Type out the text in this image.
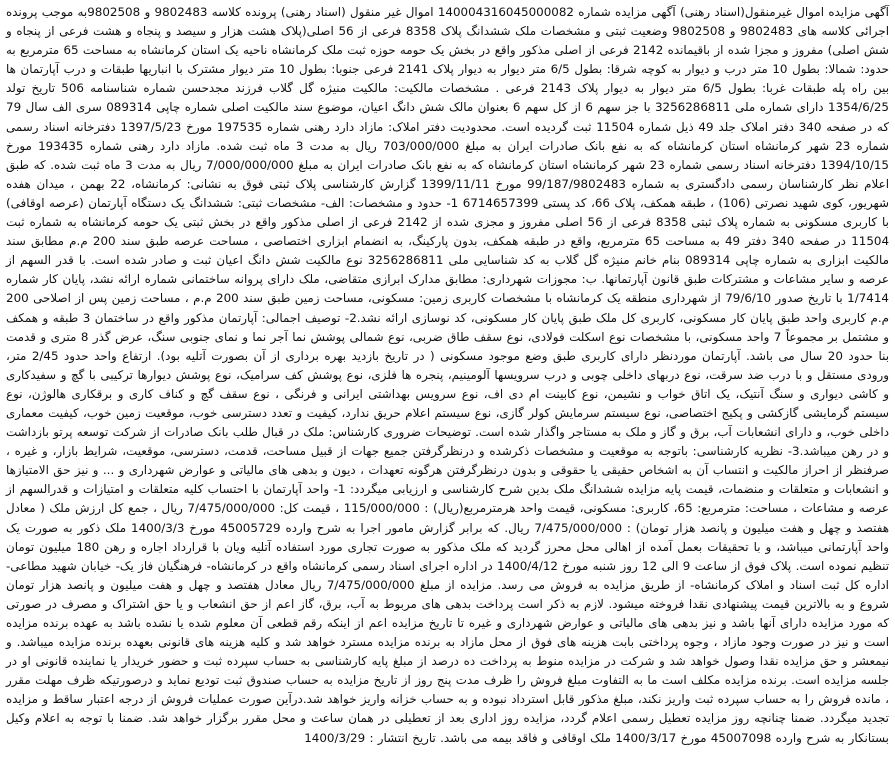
آگهی مزایده اموال غیرمنقول(اسناد رهنی) آگهی مزایده شماره 140004316045000082 اموال غیر منقول (اسناد رهنی) پرونده کلاسه 9802483 و 9802508به موجب پرونده اجرائی کلاسه های 9802483 و 9802508 وضعیت ثبتی و مشخصات ملک ششدانگ پلاک 8358 فرعی از 56 اصلی(پلاک هشت هزار و سیصد و پنجاه و هشت فرعی از پنجاه و شش اصلی) مفروز و مجزا شده از باقیمانده 2142 فرعی از اصلی مذکور واقع در بخش یک حومه حوزه ثبت ملک کرمانشاه ناحیه یک استان کرمانشاه به مساحت 65 مترمربع به حدود: شمالا: بطول 10 متر درب و دیوار به کوچه شرقا: بطول 6/5 متر دیوار به دیوار پلاک 2141 فرعی جنوبا: بطول 10 متر دیوار مشترک با انباریها طبقات و درب آپارتمان ها بین راه پله طبقات غربا: بطول 6/5 متر دیوار به دیوار پلاک 2143 فرعی . مشخصات مالکیت: مالکیت منیژه گل گلاب فرزند مجدحسن شماره شناسنامه 506 تاریخ تولد 1354/6/25 دارای شماره ملی 3256286811 با جز سهم 6 از کل سهم 6 بعنوان مالک شش دانگ اعیان، موضوع سند مالکیت اصلی شماره چاپی 089314 سری الف سال 79 که در صفحه 340 دفتر املاک جلد 49 ذیل شماره 11504 ثبت گردیده است. محدودیت دفتر املاک: مازاد دارد رهنی شماره 197535 مورخ 1397/5/23 دفترخانه اسناد رسمی شماره 23 شهر کرمانشاه استان کرمانشاه که به نفع بانک صادرات ایران به مبلغ 703/000/000 ریال به مدت 3 ماه ثبت شده. مازاد دارد رهنی شماره 193435 مورخ 1394/10/15 دفترخانه اسناد رسمی شماره 23 شهر کرمانشاه استان کرمانشاه که به نفع بانک صادرات ایران به مبلغ 7/000/000/000 ریال به مدت 3 ماه ثبت شده. که طبق اعلام نظر کارشناسان رسمی دادگستری به شماره 99/187/9802483 مورخ 1399/11/11 گزارش کارشناسی پلاک ثبتی فوق به نشانی: کرمانشاه، 22 بهمن ، میدان هفده شهریور، کوی شهید نصرتی (106) ، طبقه همکف، پلاک 66، کد پستی 6714657399 1- حدود و مشخصات: الف- مشخصات ثبتی: ششدانگ یک دستگاه آپارتمان (عرصه اوقافی) با کاربری مسکونی به شماره پلاک ثبتی 8358 فرعی از 56 اصلی مفروز و مجزی شده از 2142 فرعی از اصلی مذکور واقع در بخش ثبتی یک حومه کرمانشاه به شماره ثبت 11504 در صفحه 340 دفتر 49 به مساحت 65 مترمربع، واقع در طبقه همکف، بدون پارکینگ، به انضمام ابزاری اختصاصی ، مساحت عرصه طبق سند 200 م.م مطابق سند مالکیت ابزاری به شماره چاپی 089314 بنام خانم منیژه گل گلاب به کد شناسایی ملی 3256286811 نوع مالکیت شش دانگ اعیان ثبت و صادر شده است. با قدر السهم از عرصه و سایر مشاعات و مشترکات طبق قانون آپارتمانها. ب: مجوزات شهرداری: مطابق مدارک ابرازی متقاضی، ملک دارای پروانه ساختمانی شماره ارائه نشد، پایان کار شماره 1/7414 با تاریخ صدور 79/6/10 از شهرداری منطقه یک کرمانشاه با مشخصات کاربری زمین: مسکونی، مساحت زمین طبق سند 200 م.م ، مساحت زمین پس از اصلاحی 200 م.م کاربری واحد طبق پایان کار مسکونی، کاربری کل ملک طبق پایان کار مسکونی، کد نوسازی ارائه نشد.2- توصیف اجمالی: آپارتمان مذکور واقع در ساختمان 3 طبقه و همکف و مشتمل بر مجموعاً 7 واحد مسکونی، با مشخصات نوع اسکلت فولادی، نوع سقف طاق ضربی، نوع شمالی پوشش نما آجر نما و نمای جنوبی سنگ، عرض گذر 8 متری و قدمت بنا حدود 20 سال می باشد. آپارتمان موردنظر دارای کاربری طبق وضع موجود مسکونی ( در تاریخ بازدید بهره برداری از آن بصورت آتلیه بود). ارتفاع واحد حدود 2/45 متر، ورودی مستقل و با درب ضد سرقت، نوع دربهای داخلی چوبی و درب سرویسها آلومینیم، پنجره ها فلزی، نوع پوشش کف سرامیک، نوع پوشش دیوارها ترکیبی با گچ و سفیدکاری و کاشی دیواری و سنگ آنتیک، یک اتاق خواب و نشیمن، نوع کابینت ام دی اف، نوع سرویس بهداشتی ایرانی و فرنگی ، نوع سقف گچ و کناف کاری و برقکاری هالوژن، نوع سیستم گرمایشی گازکشی و پکیج اختصاصی، نوع سیستم سرمایش کولر گازی، نوع سیستم اعلام حریق ندارد، کیفیت و تعدد دسترسی خوب، موقعیت زمین خوب، کیفیت معماری داخلی خوب، و دارای انشعابات آب، برق و گاز و ملک به مستاجر واگذار شده است. توضیحات ضروری کارشناس: ملک در قبال طلب بانک صادرات از شرکت توسعه پرتو بازداشت و در رهن میباشد.3- نظریه کارشناسی: باتوجه به موقعیت و مشخصات ذکرشده و درنظرگرفتن جمیع جهات از قبیل مساحت، قدمت، دسترسی، موقعیت، شرایط بازار، و غیره ، صرفنظر از احراز مالکیت و انتساب آن به اشخاص حقیقی یا حقوقی و بدون درنظرگرفتن هرگونه تعهدات ، دیون و بدهی های مالیاتی و عوارض شهرداری و ... و نیز حق الامتیازها و انشعابات و متعلقات و منضمات، قیمت پایه مزایده ششدانگ ملک بدین شرح کارشناسی و ارزیابی میگردد: 1- واحد آپارتمان با احتساب کلیه متعلقات و امتیازات و قدرالسهم از عرصه و مشاعات ، مساحت: مترمربع: 65، کاربری: مسکونی، قیمت واحد هرمترمربع(ریال) : 115/000/000 ، قیمت کل: 7/475/000/000 ریال ، جمع کل ارزش ملک ( معادل هفتصد و چهل و هفت میلیون و پانصد هزار تومان) : 7/475/000/000 ریال. که برابر گزارش مامور اجرا به شرح وارده 45005729 مورخ 1400/3/3 ملک ذکور به صورت یک واحد آپارتمانی میباشد، و با تحقیقات بعمل آمده از اهالی محل محرز گردید که ملک مذکور به صورت تجاری مورد استفاده آتلیه ویان با قرارداد اجاره و رهن 180 میلیون تومان تنظیم نموده است. پلاک فوق از ساعت 9 الی 12 روز شنبه مورخ 1400/4/12 در اداره اجرای اسناد رسمی کرمانشاه واقع در کرمانشاه- فرهنگیان فاز یک- خیابان شهید مطاعی- اداره کل ثبت اسناد و املاک کرمانشاه- از طریق مزایده به فروش می رسد. مزایده از مبلغ 7/475/000/000 ریال معادل هفتصد و چهل و هفت میلیون و پانصد هزار تومان شروع و به بالاترین قیمت پیشنهادی نقدا فروخته میشود. لازم به ذکر است پرداخت بدهی های مربوط به آب، برق، گاز اعم از حق انشعاب و یا حق اشتراک و مصرف در صورتی که مورد مزایده دارای آنها باشد و نیز بدهی های مالیاتی و عوارض شهرداری و غیره تا تاریخ مزایده اعم از اینکه رقم قطعی آن معلوم شده یا نشده باشد به عهده برنده مزایده است و نیز در صورت وجود مازاد ، وجوه پرداختی بابت هزینه های فوق از محل مازاد به برنده مزایده مسترد خواهد شد و کلیه هزینه های قانونی بعهده برنده مزایده میباشد. و نیمعشر و حق مزایده نقدا وصول خواهد شد و شرکت در مزایده منوط به پرداخت ده درصد از مبلغ پایه کارشناسی به حساب سپرده ثبت و حضور خریدار یا نماینده قانونی او در جلسه مزایده است. برنده مزایده مکلف است ما به التفاوت مبلغ فروش را ظرف مدت پنج روز از تاریخ مزایده به حساب صندوق ثبت تودیع نماید و درصورتیکه ظرف مهلت مقرر ، مانده فروش را به حساب سپرده ثبت واریز نکند، مبلغ مذکور قابل استرداد نبوده و به حساب خزانه واریز خواهد شد.درآین صورت عملیات فروش از درجه اعتبار ساقط و مزایده تجدید میگردد. ضمنا چنانچه روز مزایده تعطیل رسمی اعلام گردد، مزایده روز اداری بعد از تعطیلی در همان ساعت و محل مقرر برگزار خواهد شد. ضمنا با توجه به اعلام وکیل بستانکار به شرح وارده 45007098 مورخ 1400/3/17 ملک اوقافی و فاقد بیمه می باشد. تاریخ انتشار : 1400/3/29
